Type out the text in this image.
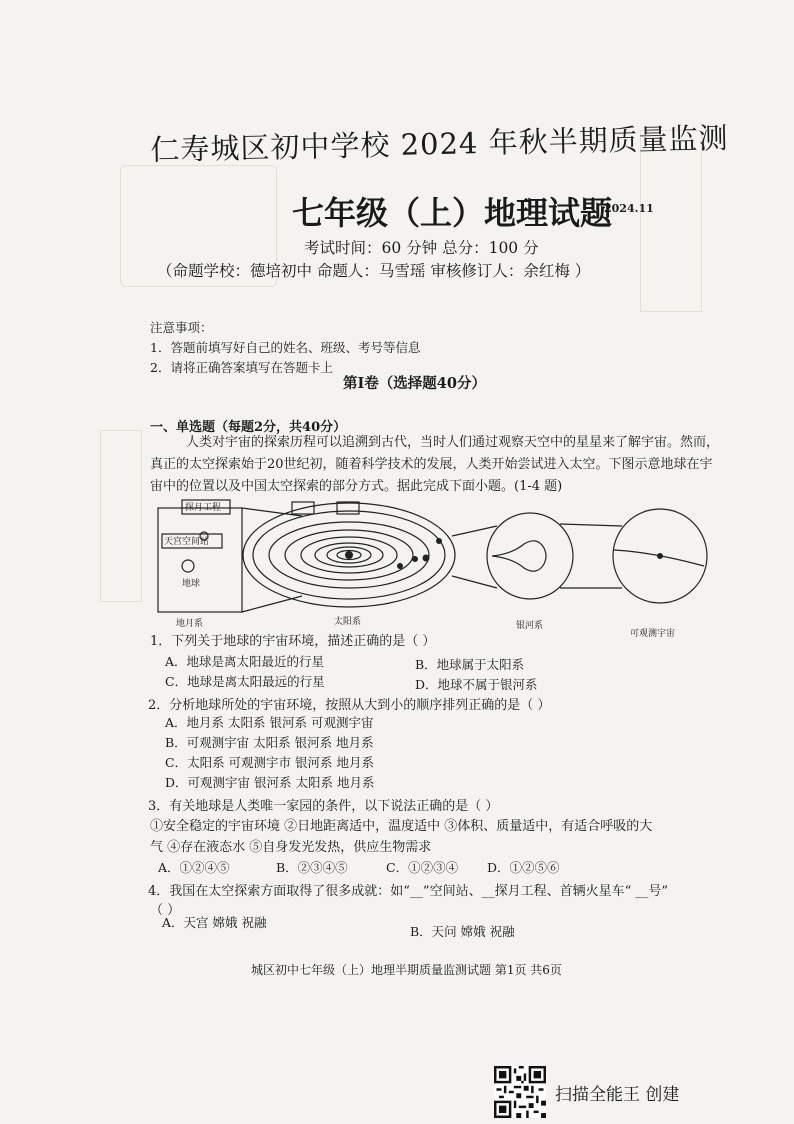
仁寿城区初中学校 2024 年秋半期质量监测
七年级（上）地理试题
2024.11
考试时间：60 分钟 总分：100 分
（命题学校：德培初中 命题人：马雪瑶 审核修订人：余红梅 ）
注意事项：
1．答题前填写好自己的姓名、班级、考号等信息
2．请将正确答案填写在答题卡上
第Ⅰ卷（选择题40分）
一、单选题（每题2分，共40分）
人类对宇宙的探索历程可以追溯到古代，当时人们通过观察天空中的星星来了解宇宙。然而，真正的太空探索始于20世纪初，随着科学技术的发展，人类开始尝试进入太空。下图示意地球在宇宙中的位置以及中国太空探索的部分方式。据此完成下面小题。(1-4 题)
探月工程
天宫空间站
地球
地月系	太阳系	银河系
可观测宇宙
1．下列关于地球的宇宙环境，描述正确的是（ ）
A．地球是离太阳最近的行星	B．地球属于太阳系
C．地球是离太阳最远的行星	D．地球不属于银河系
2．分析地球所处的宇宙环境，按照从大到小的顺序排列正确的是（ ）
A．地月系 太阳系 银河系 可观测宇宙
B．可观测宇宙 太阳系 银河系 地月系
C．太阳系 可观测宇市 银河系 地月系
D．可观测宇宙 银河系 太阳系 地月系
3．有关地球是人类唯一家园的条件，以下说法正确的是（ ）
①安全稳定的宇宙环境 ②日地距离适中，温度适中 ③体积、质量适中，有适合呼吸的大
气 ④存在液态水 ⑤自身发光发热，供应生物需求
A．①②④⑤	B．②③④⑤	C．①②③④ D．①②⑤⑥
4．我国在太空探索方面取得了很多成就：如“__”空间站、__探月工程、首辆火星车“ __号”
（ ）
A．天宫 嫦娥 祝融
B．天问 嫦娥 祝融
城区初中七年级（上）地理半期质量监测试题 第1页 共6页
扫描全能王 创建
